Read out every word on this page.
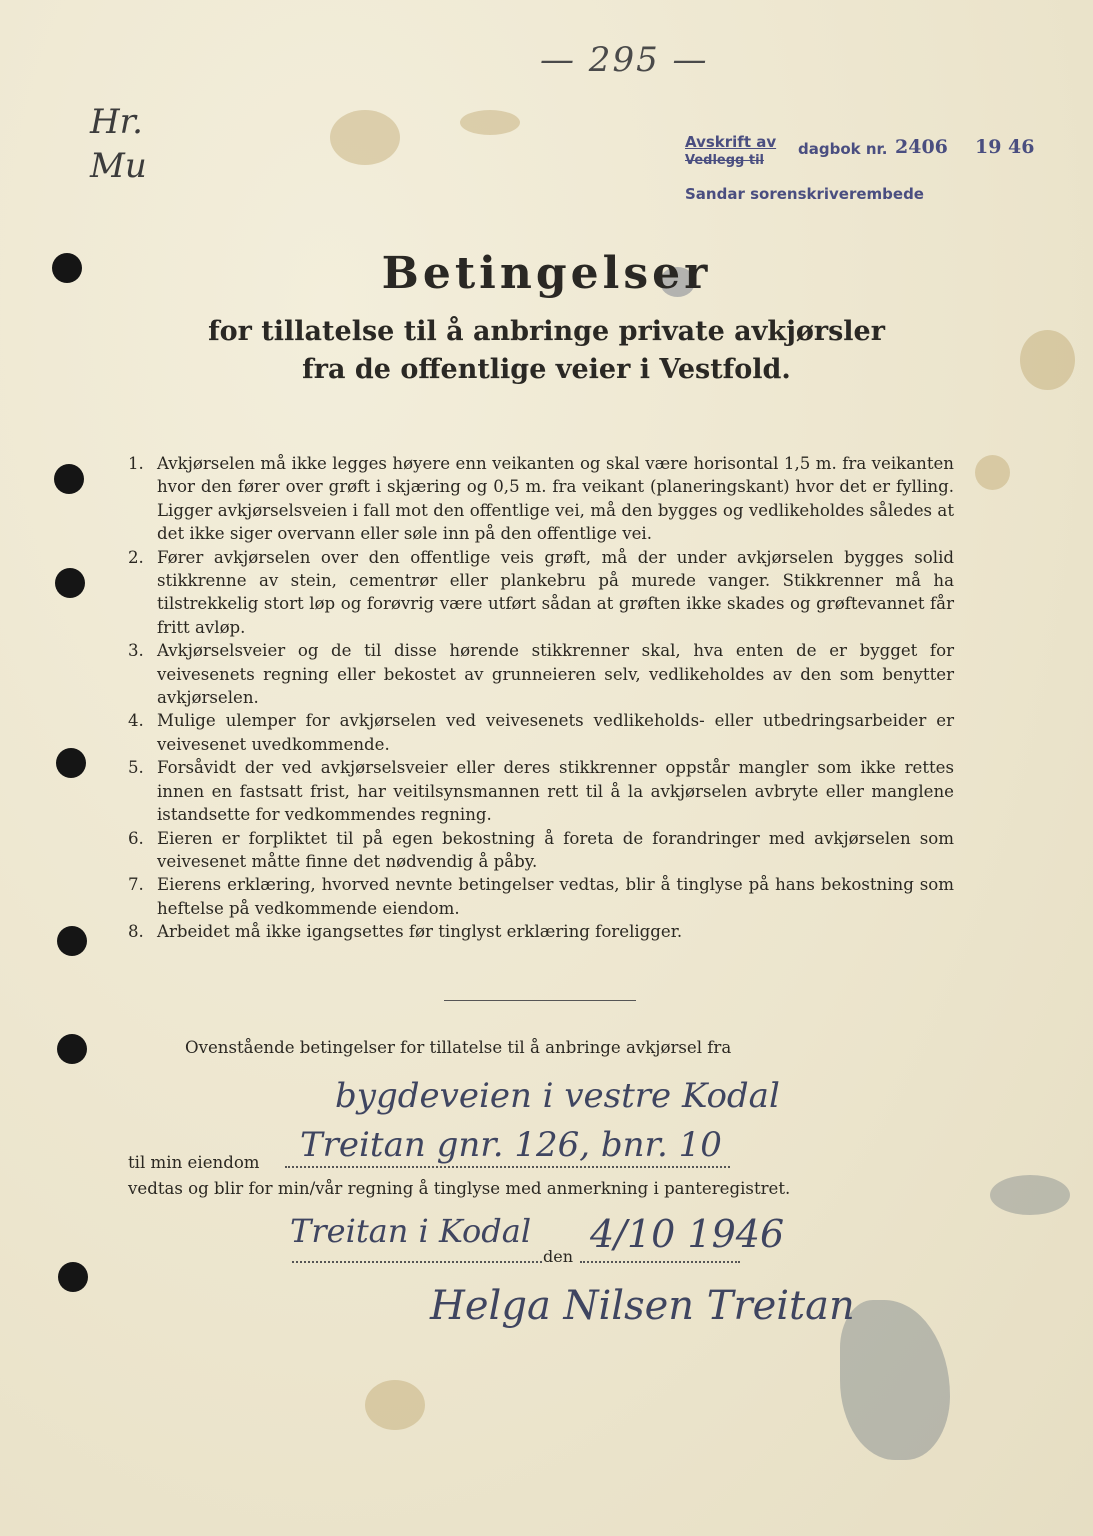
— 295 —
Hr. Mu
Avskrift av
Vedlegg til
dagbok nr. 2406 19 46
Sandar sorenskriverembede
Betingelser
for tillatelse til å anbringe private avkjørsler
fra de offentlige veier i Vestfold.
1. Avkjørselen må ikke legges høyere enn veikanten og skal være horisontal 1,5 m. fra veikanten hvor den fører over grøft i skjæring og 0,5 m. fra veikant (planeringskant) hvor det er fylling. Ligger avkjørselsveien i fall mot den offentlige vei, må den bygges og vedlikeholdes således at det ikke siger overvann eller søle inn på den offentlige vei.
2. Fører avkjørselen over den offentlige veis grøft, må der under avkjørselen bygges solid stikkrenne av stein, cementrør eller plankebru på murede vanger. Stikkrenner må ha tilstrekkelig stort løp og forøvrig være utført sådan at grøften ikke skades og grøftevannet får fritt avløp.
3. Avkjørselsveier og de til disse hørende stikkrenner skal, hva enten de er bygget for veivesenets regning eller bekostet av grunneieren selv, vedlikeholdes av den som benytter avkjørselen.
4. Mulige ulemper for avkjørselen ved veivesenets vedlikeholds- eller utbedringsarbeider er veivesenet uvedkommende.
5. Forsåvidt der ved avkjørselsveier eller deres stikkrenner oppstår mangler som ikke rettes innen en fastsatt frist, har veitilsynsmannen rett til å la avkjørselen avbryte eller manglene istandsette for vedkommendes regning.
6. Eieren er forpliktet til på egen bekostning å foreta de forandringer med avkjørselen som veivesenet måtte finne det nødvendig å påby.
7. Eierens erklæring, hvorved nevnte betingelser vedtas, blir å tinglyse på hans bekostning som heftelse på vedkommende eiendom.
8. Arbeidet må ikke igangsettes før tinglyst erklæring foreligger.
Ovenstående betingelser for tillatelse til å anbringe avkjørsel fra
bygdeveien i vestre Kodal
til min eiendom Treitan gnr. 126, bnr. 10
vedtas og blir for min/vår regning å tinglyse med anmerkning i panteregistret.
Treitan i Kodal
den
4/10 1946
Helga Nilsen Treitan
